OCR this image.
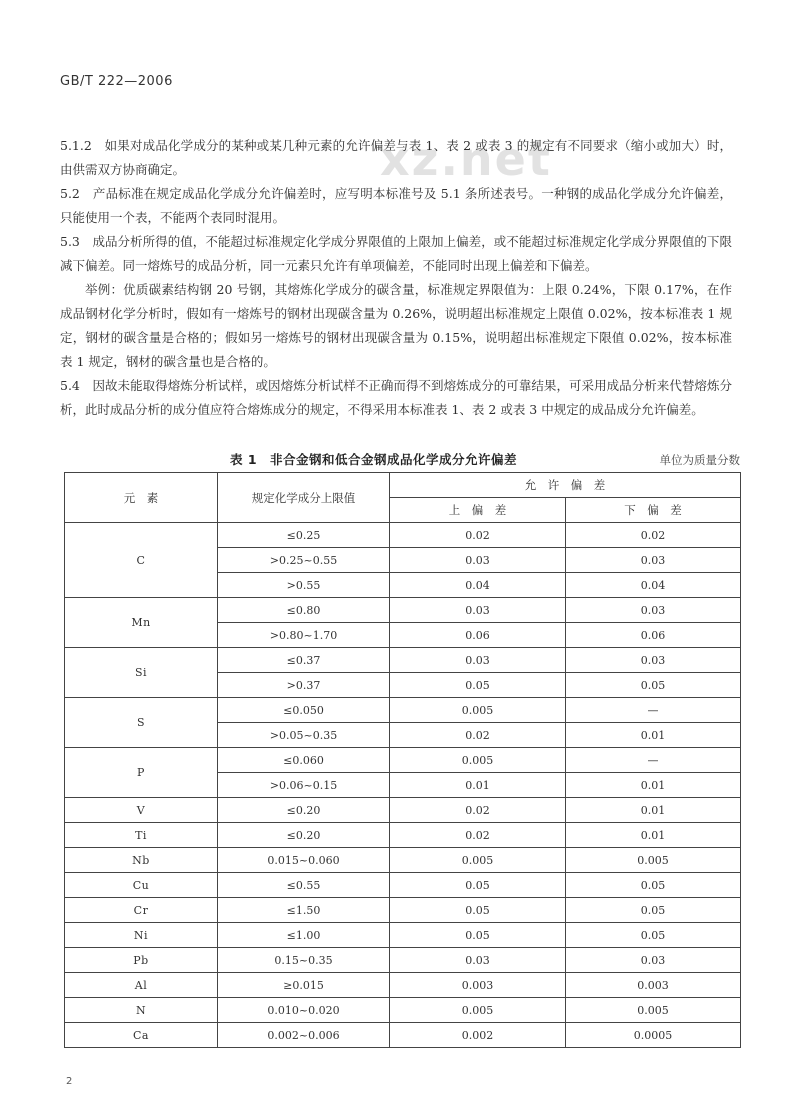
GB/T 222—2006
xz.net

5.1.2　如果对成品化学成分的某种或某几种元素的允许偏差与表 1、表 2 或表 3 的规定有不同要求（缩小或加大）时，由供需双方协商确定。

5.2　产品标准在规定成品化学成分允许偏差时，应写明本标准号及 5.1 条所述表号。一种钢的成品化学成分允许偏差，只能使用一个表，不能两个表同时混用。

5.3　成品分析所得的值，不能超过标准规定化学成分界限值的上限加上偏差，或不能超过标准规定化学成分界限值的下限减下偏差。同一熔炼号的成品分析，同一元素只允许有单项偏差，不能同时出现上偏差和下偏差。

举例：优质碳素结构钢 20 号钢，其熔炼化学成分的碳含量，标准规定界限值为：上限 0.24%，下限 0.17%，在作成品钢材化学分析时，假如有一熔炼号的钢材出现碳含量为 0.26%，说明超出标准规定上限值 0.02%，按本标准表 1 规定，钢材的碳含量是合格的；假如另一熔炼号的钢材出现碳含量为 0.15%，说明超出标准规定下限值 0.02%，按本标准表 1 规定，钢材的碳含量也是合格的。

5.4　因故未能取得熔炼分析试样，或因熔炼分析试样不正确而得不到熔炼成分的可靠结果，可采用成品分析来代替熔炼分析，此时成品分析的成分值应符合熔炼成分的规定，不得采用本标准表 1、表 2 或表 3 中规定的成品成分允许偏差。

表 1　非合金钢和低合金钢成品化学成分允许偏差	单位为质量分数
元　素	规定化学成分上限值	允　许　偏　差	
		上　偏　差	下　偏　差
C	≤0.25	0.02	0.02
	>0.25~0.55	0.03	0.03
	>0.55	0.04	0.04
Mn	≤0.80	0.03	0.03
	>0.80~1.70	0.06	0.06
Si	≤0.37	0.03	0.03
	>0.37	0.05	0.05
S	≤0.050	0.005	—
	>0.05~0.35	0.02	0.01
P	≤0.060	0.005	—
	>0.06~0.15	0.01	0.01
V	≤0.20	0.02	0.01
Ti	≤0.20	0.02	0.01
Nb	0.015~0.060	0.005	0.005
Cu	≤0.55	0.05	0.05
Cr	≤1.50	0.05	0.05
Ni	≤1.00	0.05	0.05
Pb	0.15~0.35	0.03	0.03
Al	≥0.015	0.003	0.003
N	0.010~0.020	0.005	0.005
Ca	0.002~0.006	0.002	0.0005
2
